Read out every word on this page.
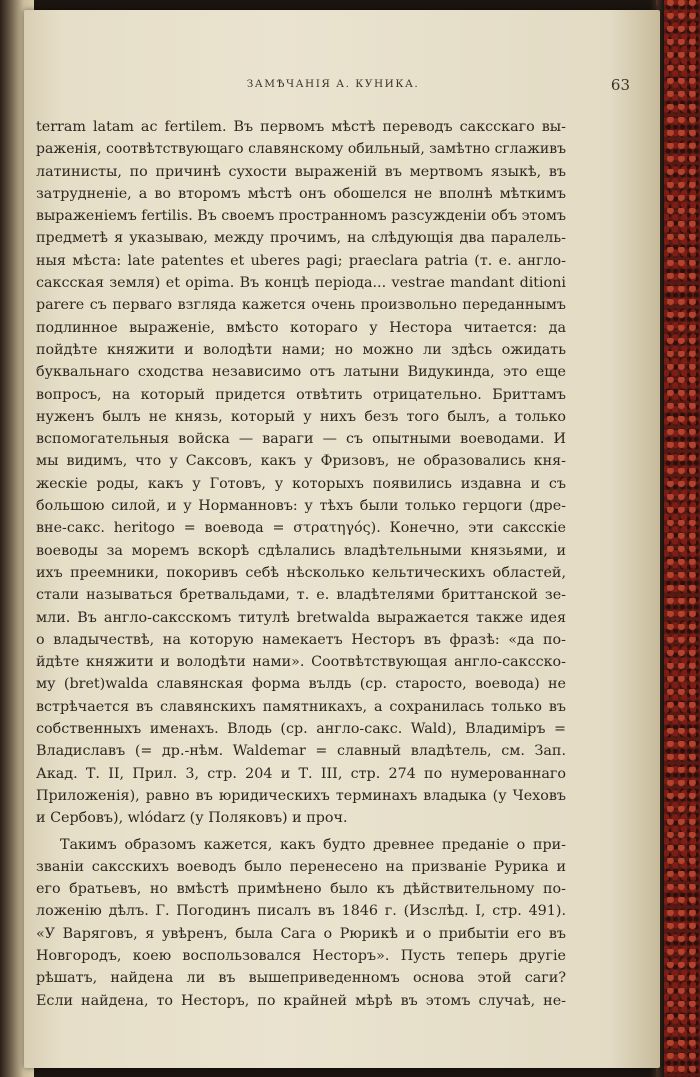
ЗАМѢЧАНІЯ А. КУНИКА.	63
terram latam ac fertilem. Въ первомъ мѣстѣ переводъ саксскаго вы-
раженія, соотвѣтствующаго славянскому обильный, замѣтно сглаживъ
латинисты, по причинѣ сухости выраженій въ мертвомъ языкѣ, въ
затрудненіе, а во второмъ мѣстѣ онъ обошелся не вполнѣ мѣткимъ
выраженіемъ fertilis. Въ своемъ пространномъ разсужденіи объ этомъ
предметѣ я указываю, между прочимъ, на слѣдующія два паралель-
ныя мѣста: late patentes et uberes pagi; praeclara patria (т. е. англо-
саксская земля) et opima. Въ концѣ періода... vestrae mandant ditioni
parere съ перваго взгляда кажется очень произвольно переданнымъ
подлинное выраженіе, вмѣсто котораго у Нестора читается: да
пойдѣте княжити и володѣти нами; но можно ли здѣсь ожидать
буквальнаго сходства независимо отъ латыни Видукинда, это еще
вопросъ, на который придется отвѣтить отрицательно. Бриттамъ
нуженъ былъ не князь, который у нихъ безъ того былъ, а только
вспомогательныя войска — вараги — съ опытными воеводами. И
мы видимъ, что у Саксовъ, какъ у Фризовъ, не образовались кня-
жескіе роды, какъ у Готовъ, у которыхъ появились издавна и съ
большою силой, и у Норманновъ: у тѣхъ были только герцоги (дре-
вне-сакс. heritogo = воевода = στρατηγός). Конечно, эти саксскіе
воеводы за моремъ вскорѣ сдѣлались владѣтельными князьями, и
ихъ преемники, покоривъ себѣ нѣсколько кельтическихъ областей,
стали называться бретвальдами, т. е. владѣтелями бриттанской зе-
мли. Въ англо-саксскомъ титулѣ bretwalda выражается также идея
о владычествѣ, на которую намекаетъ Несторъ въ фразѣ: «да по-
йдѣте княжити и володѣти нами». Соотвѣтствующая англо-саксско-
му (bret)walda славянская форма вълдь (ср. старосто, воевода) не
встрѣчается въ славянскихъ памятникахъ, а сохранилась только въ
собственныхъ именахъ. Влодь (ср. англо-сакс. Wald), Владиміръ =
Владиславъ (= др.-нѣм. Waldemar = славный владѣтель, см. Зап.
Акад. Т. II, Прил. 3, стр. 204 и Т. III, стр. 274 по нумерованнаго
Приложенія), равно въ юридическихъ терминахъ владыка (у Чеховъ
и Сербовъ), wlódarz (у Поляковъ) и проч.
Такимъ образомъ кажется, какъ будто древнее преданіе о при-
званіи саксскихъ воеводъ было перенесено на призваніе Рурика и
его братьевъ, но вмѣстѣ примѣнено было къ дѣйствительному по-
ложенію дѣлъ. Г. Погодинъ писалъ въ 1846 г. (Изслѣд. I, стр. 491).
«У Варяговъ, я увѣренъ, была Сага о Рюрикѣ и о прибытіи его въ
Новгородъ, коею воспользовался Несторъ». Пусть теперь другіе
рѣшатъ, найдена ли въ вышеприведенномъ основа этой саги?
Если найдена, то Несторъ, по крайней мѣрѣ въ этомъ случаѣ, не-
